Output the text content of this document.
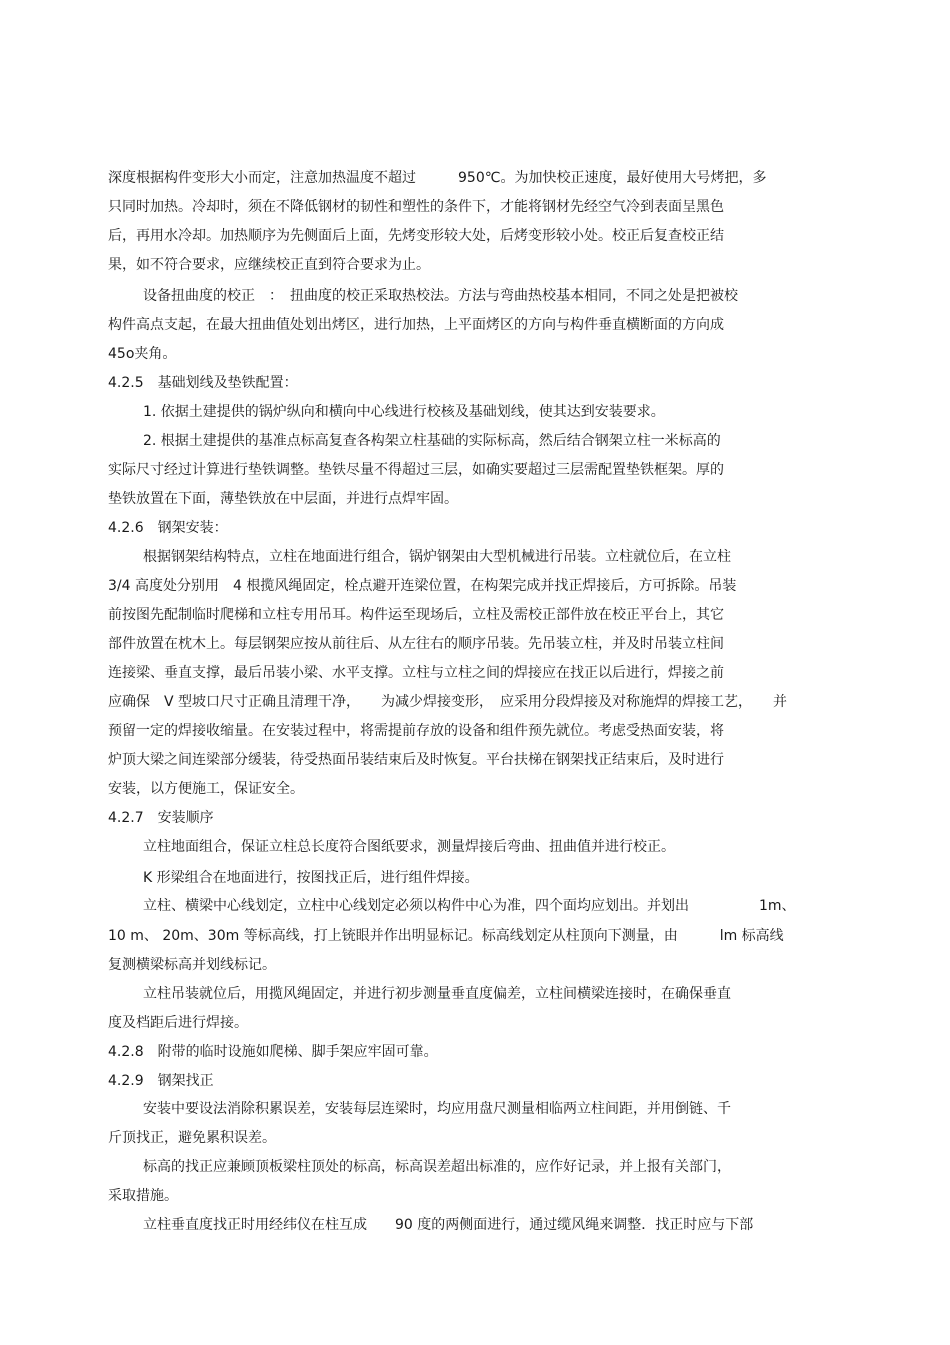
深度根据构件变形大小而定，注意加热温度不超过　　　950℃。为加快校正速度，最好使用大号烤把，多
只同时加热。冷却时，须在不降低钢材的韧性和塑性的条件下，才能将钢材先经空气冷到表面呈黑色
后，再用水冷却。加热顺序为先侧面后上面，先烤变形较大处，后烤变形较小处。校正后复查校正结
果，如不符合要求，应继续校正直到符合要求为止。
设备扭曲度的校正　：　扭曲度的校正采取热校法。方法与弯曲热校基本相同，不同之处是把被校
构件高点支起，在最大扭曲值处划出烤区，进行加热，上平面烤区的方向与构件垂直横断面的方向成
45o夹角。
4.2.5　基础划线及垫铁配置：
1. 依据土建提供的锅炉纵向和横向中心线进行校核及基础划线，使其达到安装要求。
2. 根据土建提供的基准点标高复查各构架立柱基础的实际标高，然后结合钢架立柱一米标高的
实际尺寸经过计算进行垫铁调整。垫铁尽量不得超过三层，如确实要超过三层需配置垫铁框架。厚的
垫铁放置在下面，薄垫铁放在中层面，并进行点焊牢固。
4.2.6　钢架安装：
根据钢架结构特点，立柱在地面进行组合，锅炉钢架由大型机械进行吊装。立柱就位后，在立柱
3/4 高度处分别用　4 根揽风绳固定，栓点避开连梁位置，在构架完成并找正焊接后，方可拆除。吊装
前按图先配制临时爬梯和立柱专用吊耳。构件运至现场后，立柱及需校正部件放在校正平台上，其它
部件放置在枕木上。每层钢架应按从前往后、从左往右的顺序吊装。先吊装立柱，并及时吊装立柱间
连接梁、垂直支撑，最后吊装小梁、水平支撑。立柱与立柱之间的焊接应在找正以后进行，焊接之前
应确保　V 型坡口尺寸正确且清理干净，　　为减少焊接变形，　应采用分段焊接及对称施焊的焊接工艺，　　并
预留一定的焊接收缩量。在安装过程中，将需提前存放的设备和组件预先就位。考虑受热面安装，将
炉顶大梁之间连梁部分缓装，待受热面吊装结束后及时恢复。平台扶梯在钢架找正结束后，及时进行
安装，以方便施工，保证安全。
4.2.7　安装顺序
立柱地面组合，保证立柱总长度符合图纸要求，测量焊接后弯曲、扭曲值并进行校正。
K 形梁组合在地面进行，按图找正后，进行组件焊接。
立柱、横梁中心线划定，立柱中心线划定必须以构件中心为准，四个面均应划出。并划出　　　　　1m、
10 m、 20m、30m 等标高线，打上铳眼并作出明显标记。标高线划定从柱顶向下测量，由　　　lm 标高线
复测横梁标高并划线标记。
立柱吊装就位后，用揽风绳固定，并进行初步测量垂直度偏差，立柱间横梁连接时，在确保垂直
度及档距后进行焊接。
4.2.8　附带的临时设施如爬梯、脚手架应牢固可靠。
4.2.9　钢架找正
安装中要设法消除积累误差，安装每层连梁时，均应用盘尺测量相临两立柱间距，并用倒链、千
斤顶找正，避免累积误差。
标高的找正应兼顾顶板梁柱顶处的标高，标高误差超出标准的，应作好记录，并上报有关部门，
采取措施。
立柱垂直度找正时用经纬仪在柱互成　　90 度的两侧面进行，通过缆风绳来调整．找正时应与下部
